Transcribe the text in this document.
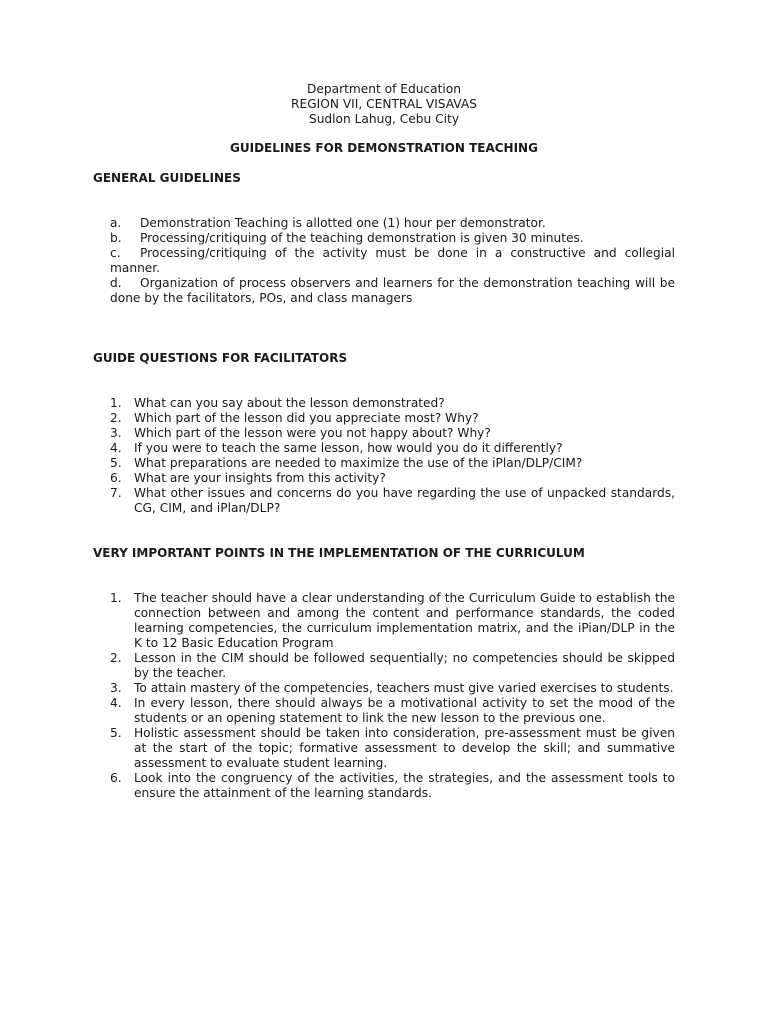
Department of Education
REGION VII, CENTRAL VISAVAS
Sudlon Lahug, Cebu City
GUIDELINES FOR DEMONSTRATION TEACHING
GENERAL GUIDELINES
a.	Demonstration Teaching is allotted one (1) hour per demonstrator.
b.	Processing/critiquing of the teaching demonstration is given 30 minutes.
c.	Processing/critiquing of the activity must be done in a constructive and collegial manner.
d.	Organization of process observers and learners for the demonstration teaching will be done by the facilitators, POs, and class managers
GUIDE QUESTIONS FOR FACILITATORS
1.	What can you say about the lesson demonstrated?
2.	Which part of the lesson did you appreciate most? Why?
3.	Which part of the lesson were you not happy about? Why?
4.	If you were to teach the same lesson, how would you do it differently?
5.	What preparations are needed to maximize the use of the iPlan/DLP/CIM?
6.	What are your insights from this activity?
7.	What other issues and concerns do you have regarding the use of unpacked standards, CG, CIM, and iPlan/DLP?
VERY IMPORTANT POINTS IN THE IMPLEMENTATION OF THE CURRICULUM
1.	The teacher should have a clear understanding of the Curriculum Guide to establish the connection between and among the content and performance standards, the coded learning competencies, the curriculum implementation matrix, and the iPian/DLP in the K to 12 Basic Education Program
2.	Lesson in the CIM should be followed sequentially; no competencies should be skipped by the teacher.
3.	To attain mastery of the competencies, teachers must give varied exercises to students.
4.	In every lesson, there should always be a motivational activity to set the mood of the students or an opening statement to link the new lesson to the previous one.
5.	Holistic assessment should be taken into consideration, pre-assessment must be given at the start of the topic; formative assessment to develop the skill; and summative assessment to evaluate student learning.
6.	Look into the congruency of the activities, the strategies, and the assessment tools to ensure the attainment of the learning standards.
